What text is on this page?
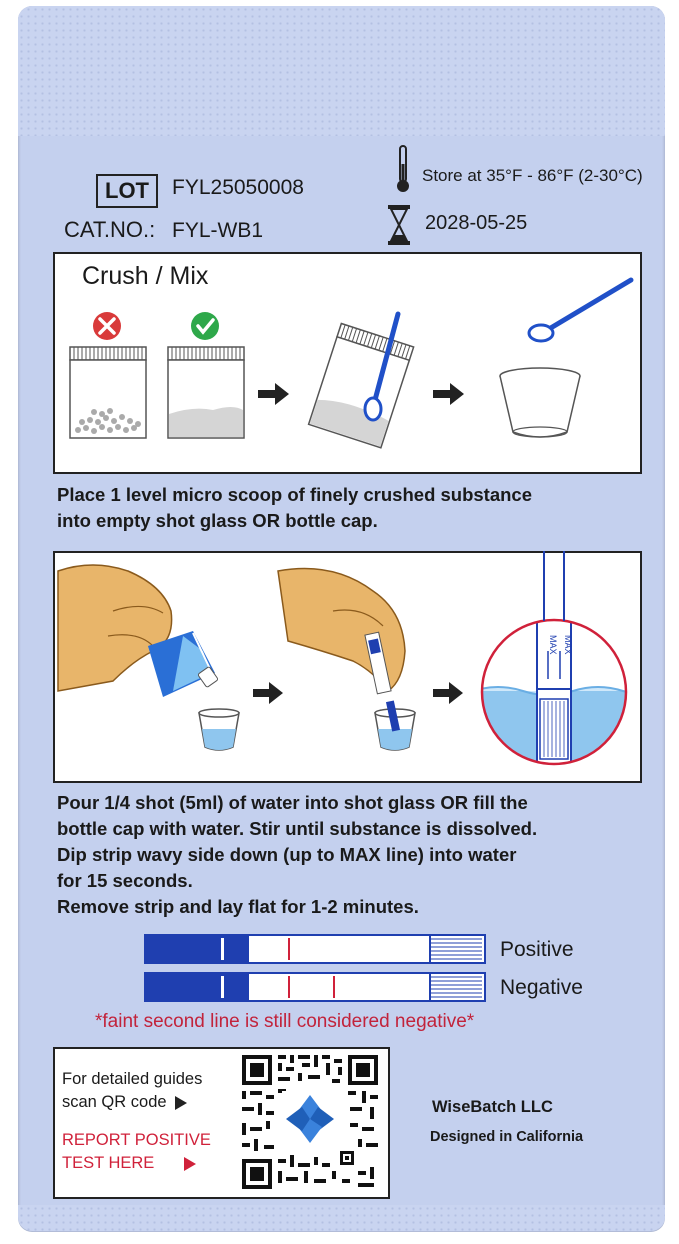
LOT	FYL25050008
CAT.NO.: FYL-WB1
Store at 35°F - 86°F (2-30°C)
2028-05-25
Crush / Mix
Place 1 level micro scoop of finely crushed substance
into empty shot glass OR bottle cap.
MAX MAX
Pour 1/4 shot (5ml) of water into shot glass OR fill the
bottle cap with water. Stir until substance is dissolved.
Dip strip wavy side down (up to MAX line) into water
for 15 seconds.
Remove strip and lay flat for 1-2 minutes.
Positive
Negative
*faint second line is still considered negative*
For detailed guides
scan QR code
REPORT POSITIVE
TEST HERE
WiseBatch LLC
Designed in California
